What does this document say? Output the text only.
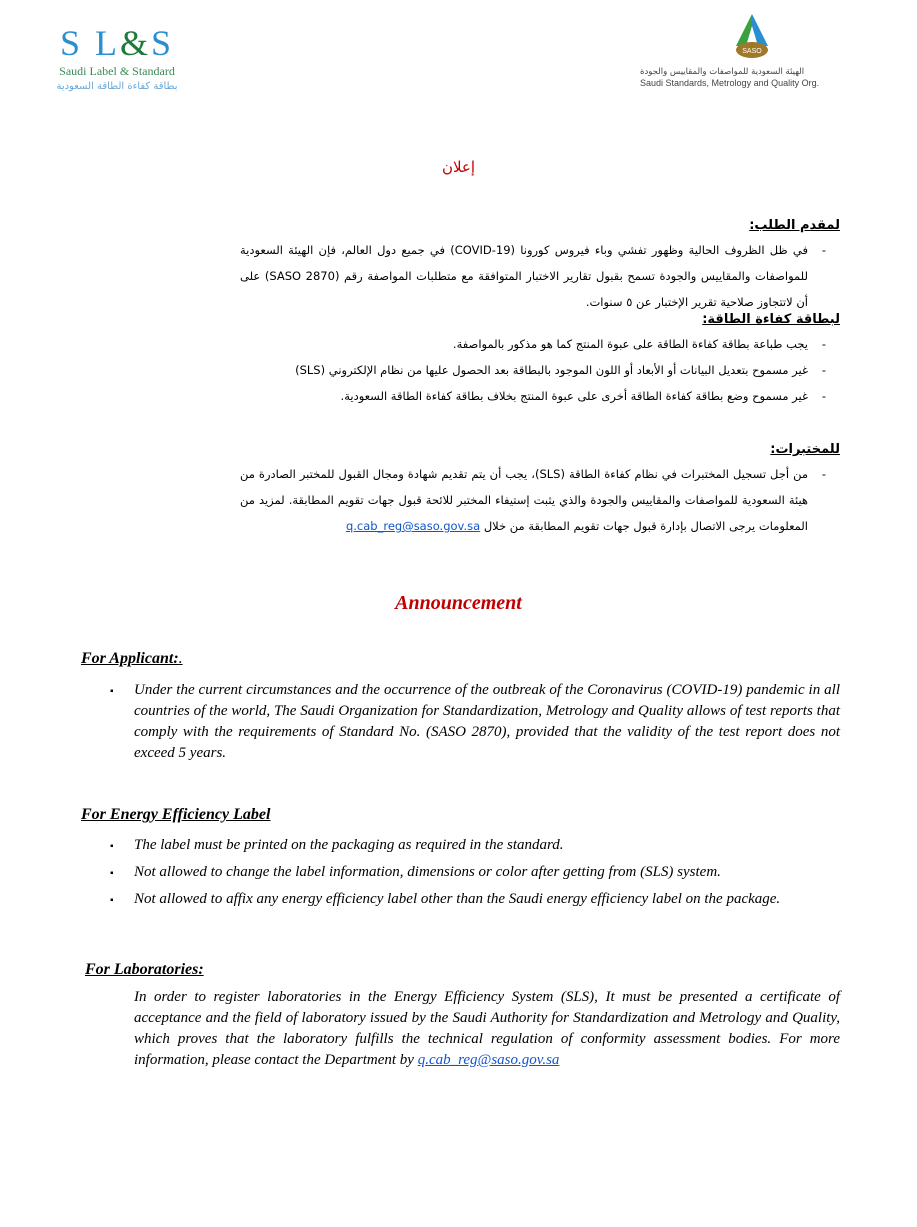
S L&S
Saudi Label & Standard
بطاقة كفاءة الطاقة السعودية
SASO
الهيئة السعودية للمواصفات والمقاييس والجودة
Saudi Standards, Metrology and Quality Org.
إعلان
لمقدم الطلب:
-
في ظل الظروف الحالية وظهور تفشي وباء فيروس كورونا (COVID-19) في جميع دول العالم، فإن الهيئة السعودية للمواصفات والمقاييس والجودة تسمح بقبول تقارير الاختبار المتوافقة مع متطلبات المواصفة رقم (SASO 2870) على أن لاتتجاوز صلاحية تقرير الإختبار عن ٥ سنوات.
لبطاقة كفاءة الطاقة:
-
يجب طباعة بطاقة كفاءة الطاقة على عبوة المنتج كما هو مذكور بالمواصفة.
-
غير مسموح بتعديل البيانات أو الأبعاد أو اللون الموجود بالبطاقة بعد الحصول عليها من نظام الإلكتروني (SLS)
-
غير مسموح وضع بطاقة كفاءة الطاقة أخرى على عبوة المنتج بخلاف بطاقة كفاءة الطاقة السعودية.
للمختبرات:
-
من أجل تسجيل المختبرات في نظام كفاءة الطاقة (SLS)، يجب أن يتم تقديم شهادة ومجال القبول للمختبر الصادرة من هيئة السعودية للمواصفات والمقاييس والجودة والذي يثبت إستيفاء المختبر للائحة قبول جهات تقويم المطابقة. لمزيد من المعلومات يرجى الاتصال بإدارة قبول جهات تقويم المطابقة من خلال q.cab_reg@saso.gov.sa
Announcement
For Applicant:.
▪	Under the current circumstances and the occurrence of the outbreak of the Coronavirus (COVID-19) pandemic in all countries of the world, The Saudi Organization for Standardization, Metrology and Quality allows of test reports that comply with the requirements of Standard No. (SASO 2870), provided that the validity of the test report does not exceed 5 years.
For Energy Efficiency Label
▪	The label must be printed on the packaging as required in the standard.
▪	Not allowed to change the label information, dimensions or color after getting from (SLS) system.
▪	Not allowed to affix any energy efficiency label other than the Saudi energy efficiency label on the package.
For Laboratories:
In order to register laboratories in the Energy Efficiency System (SLS), It must be presented a certificate of acceptance and the field of laboratory issued by the Saudi Authority for Standardization and Metrology and Quality, which proves that the laboratory fulfills the technical regulation of conformity assessment bodies. For more information, please contact the Department by q.cab_reg@saso.gov.sa
